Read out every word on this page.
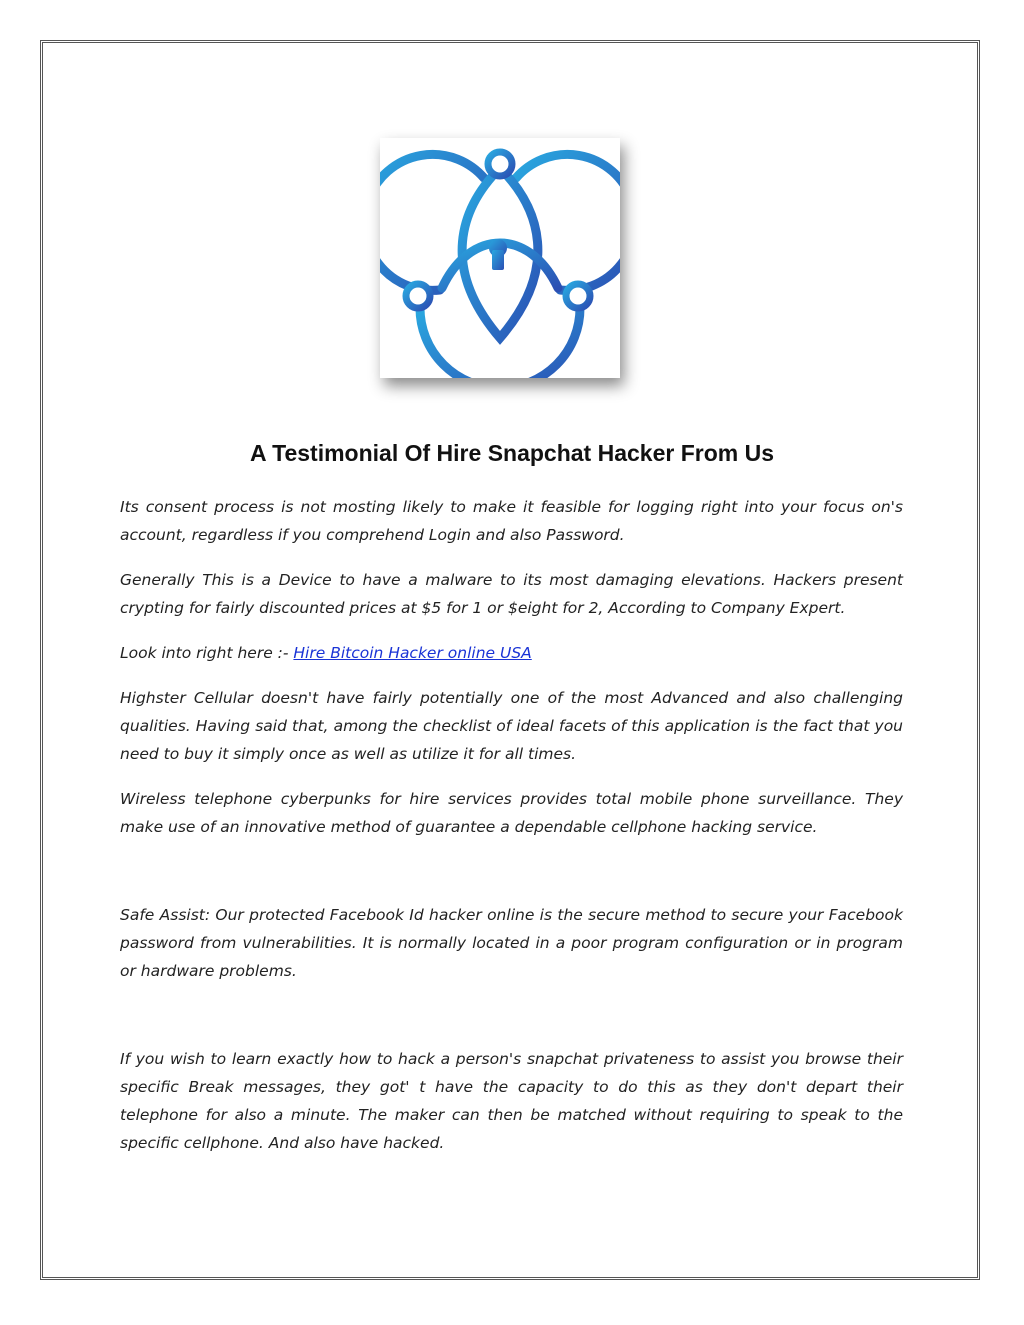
A Testimonial Of Hire Snapchat Hacker From Us

Its consent process is not mosting likely to make it feasible for logging right into your focus on's account, regardless if you comprehend Login and also Password.

Generally This is a Device to have a malware to its most damaging elevations. Hackers present crypting for fairly discounted prices at $5 for 1 or $eight for 2, According to Company Expert.

Look into right here :- Hire Bitcoin Hacker online USA

Highster Cellular doesn't have fairly potentially one of the most Advanced and also challenging qualities. Having said that, among the checklist of ideal facets of this application is the fact that you need to buy it simply once as well as utilize it for all times.

Wireless telephone cyberpunks for hire services provides total mobile phone surveillance. They make use of an innovative method of guarantee a dependable cellphone hacking service.

Safe Assist: Our protected Facebook Id hacker online is the secure method to secure your Facebook password from vulnerabilities. It is normally located in a poor program configuration or in program or hardware problems.

If you wish to learn exactly how to hack a person's snapchat privateness to assist you browse their specific Break messages, they got' t have the capacity to do this as they don't depart their telephone for also a minute. The maker can then be matched without requiring to speak to the specific cellphone. And also have hacked.
